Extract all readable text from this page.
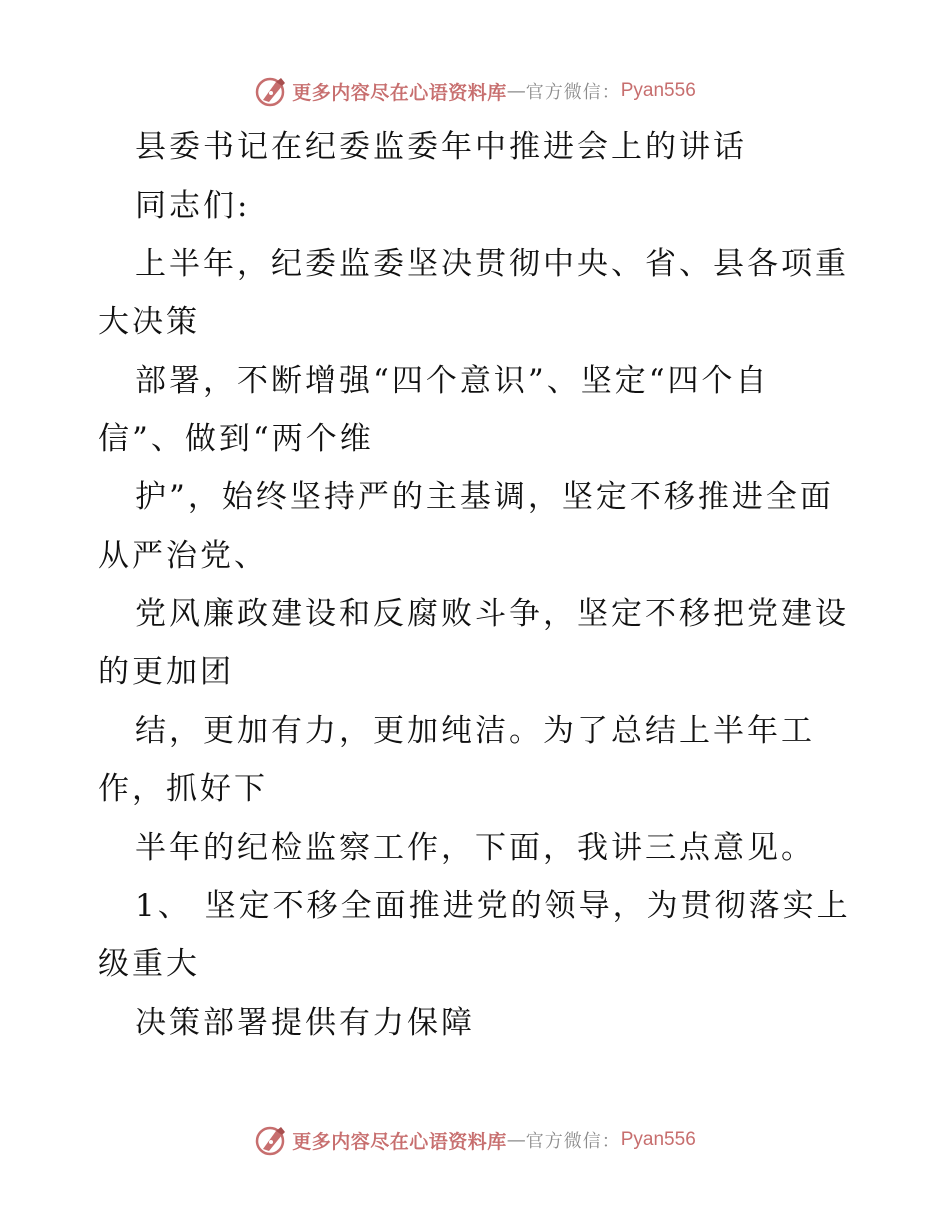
更多内容尽在心语资料库 — 官方微信： Pyan556
县委书记在纪委监委年中推进会上的讲话
同志们:
上半年，纪委监委坚决贯彻中央、省、县各项重
大决策
部署，不断增强“四个意识”、坚定“四个自
信”、做到“两个维
护”，始终坚持严的主基调，坚定不移推进全面
从严治党、
党风廉政建设和反腐败斗争，坚定不移把党建设
的更加团
结，更加有力，更加纯洁。为了总结上半年工
作，抓好下
半年的纪检监察工作，下面，我讲三点意见。
1、 坚定不移全面推进党的领导，为贯彻落实上
级重大
决策部署提供有力保障
更多内容尽在心语资料库 — 官方微信： Pyan556
